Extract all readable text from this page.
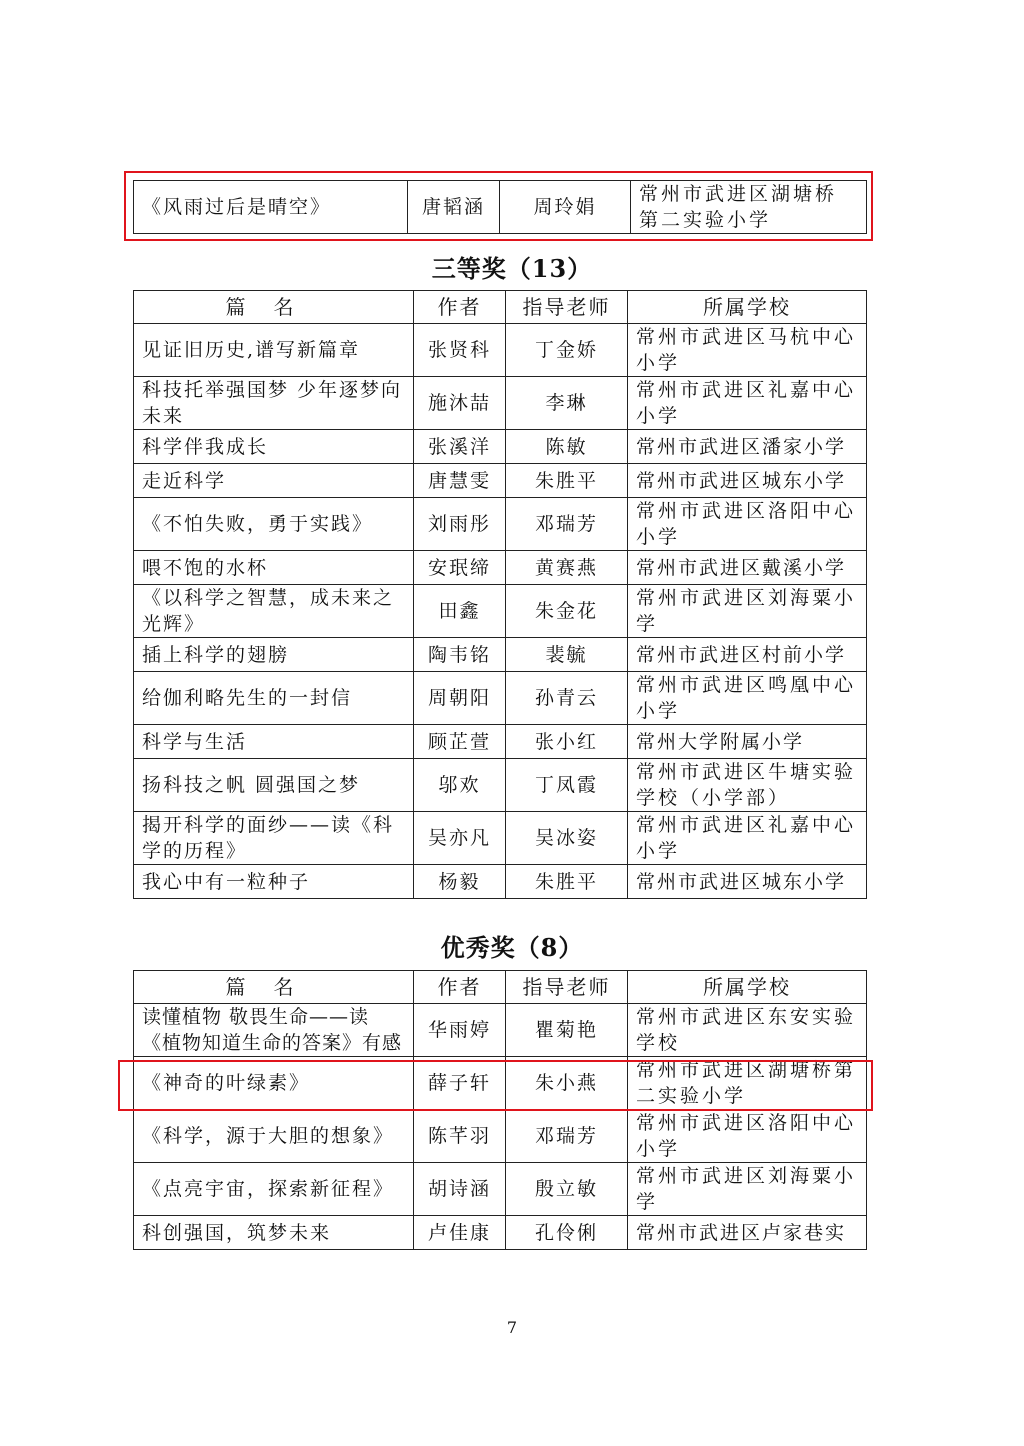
《风雨过后是晴空》	唐韬涵	周玲娟	常州市武进区湖塘桥第二实验小学
三等奖（13）
篇名	作者	指导老师	所属学校
见证旧历史,谱写新篇章	张贤科	丁金娇	常州市武进区马杭中心小学
科技托举强国梦 少年逐梦向未来	施沐喆	李琳	常州市武进区礼嘉中心小学
科学伴我成长	张溪洋	陈敏	常州市武进区潘家小学
走近科学	唐慧雯	朱胜平	常州市武进区城东小学
《不怕失败，勇于实践》	刘雨彤	邓瑞芳	常州市武进区洛阳中心小学
喂不饱的水杯	安珉缔	黄赛燕	常州市武进区戴溪小学
《以科学之智慧，成未来之光辉》	田鑫	朱金花	常州市武进区刘海粟小学
插上科学的翅膀	陶韦铭	裴毓	常州市武进区村前小学
给伽利略先生的一封信	周朝阳	孙青云	常州市武进区鸣凰中心小学
科学与生活	顾芷萱	张小红	常州大学附属小学
扬科技之帆 圆强国之梦	邬欢	丁凤霞	常州市武进区牛塘实验学校（小学部）
揭开科学的面纱——读《科学的历程》	吴亦凡	吴冰姿	常州市武进区礼嘉中心小学
我心中有一粒种子	杨毅	朱胜平	常州市武进区城东小学
优秀奖（8）
篇名	作者	指导老师	所属学校
读懂植物 敬畏生命——读《植物知道生命的答案》有感	华雨婷	瞿菊艳	常州市武进区东安实验学校
《神奇的叶绿素》	薛子轩	朱小燕	常州市武进区湖塘桥第二实验小学
《科学，源于大胆的想象》	陈芊羽	邓瑞芳	常州市武进区洛阳中心小学
《点亮宇宙，探索新征程》	胡诗涵	殷立敏	常州市武进区刘海粟小学
科创强国，筑梦未来	卢佳康	孔伶俐	常州市武进区卢家巷实
7
